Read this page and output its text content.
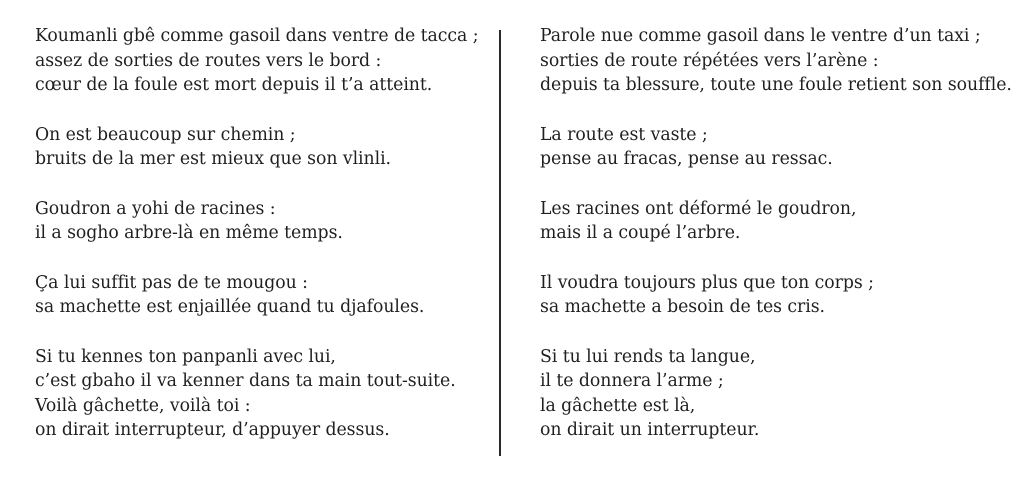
Koumanli gbê comme gasoil dans ventre de tacca ;
assez de sorties de routes vers le bord :
cœur de la foule est mort depuis il t’a atteint.
On est beaucoup sur chemin ;
bruits de la mer est mieux que son vlinli.
Goudron a yohi de racines :
il a sogho arbre-là en même temps.
Ça lui suffit pas de te mougou :
sa machette est enjaillée quand tu djafoules.
Si tu kennes ton panpanli avec lui,
c’est gbaho il va kenner dans ta main tout-suite.
Voilà gâchette, voilà toi :
on dirait interrupteur, d’appuyer dessus.
Parole nue comme gasoil dans le ventre d’un taxi ;
sorties de route répétées vers l’arène :
depuis ta blessure, toute une foule retient son souffle.
La route est vaste ;
pense au fracas, pense au ressac.
Les racines ont déformé le goudron,
mais il a coupé l’arbre.
Il voudra toujours plus que ton corps ;
sa machette a besoin de tes cris.
Si tu lui rends ta langue,
il te donnera l’arme ;
la gâchette est là,
on dirait un interrupteur.
